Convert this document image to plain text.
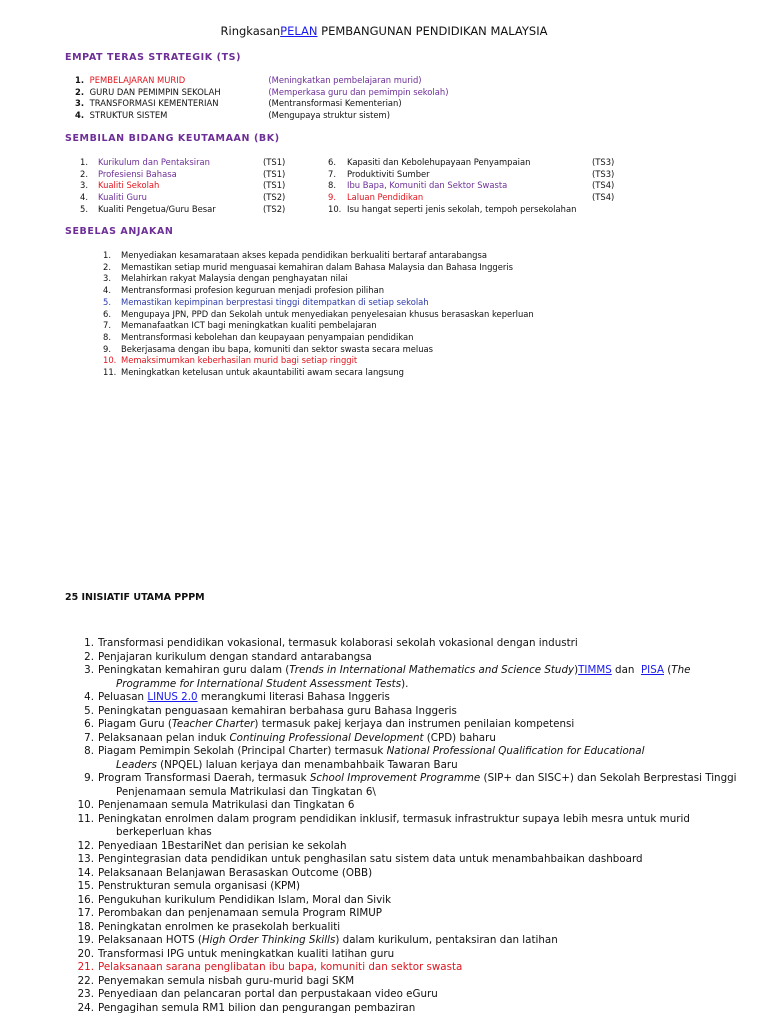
RingkasanPELAN PEMBANGUNAN PENDIDIKAN MALAYSIA
EMPAT TERAS STRATEGIK (TS)
1. PEMBELAJARAN MURID	(Meningkatkan pembelajaran murid)
2. GURU DAN PEMIMPIN SEKOLAH	(Memperkasa guru dan pemimpin sekolah)
3. TRANSFORMASI KEMENTERIAN	(Mentransformasi Kementerian)
4. STRUKTUR SISTEM	(Mengupaya struktur sistem)
SEMBILAN BIDANG KEUTAMAAN (BK)
1. Kurikulum dan Pentaksiran	(TS1)
2. Profesiensi Bahasa	(TS1)
3. Kualiti Sekolah	(TS1)
4. Kualiti Guru	(TS2)
5. Kualiti Pengetua/Guru Besar	(TS2)
6. Kapasiti dan Kebolehupayaan Penyampaian	(TS3)
7. Produktiviti Sumber	(TS3)
8. Ibu Bapa, Komuniti dan Sektor Swasta	(TS4)
9. Laluan Pendidikan	(TS4)
10. Isu hangat seperti jenis sekolah, tempoh persekolahan
SEBELAS ANJAKAN
1. Menyediakan kesamarataan akses kepada pendidikan berkualiti bertaraf antarabangsa
2. Memastikan setiap murid menguasai kemahiran dalam Bahasa Malaysia dan Bahasa Inggeris
3. Melahirkan rakyat Malaysia dengan penghayatan nilai
4. Mentransformasi profesion keguruan menjadi profesion pilihan
5. Memastikan kepimpinan berprestasi tinggi ditempatkan di setiap sekolah
6. Mengupaya JPN, PPD dan Sekolah untuk menyediakan penyelesaian khusus berasaskan keperluan
7. Memanafaatkan ICT bagi meningkatkan kualiti pembelajaran
8. Mentransformasi kebolehan dan keupayaan penyampaian pendidikan
9. Bekerjasama dengan ibu bapa, komuniti dan sektor swasta secara meluas
10. Memaksimumkan keberhasilan murid bagi setiap ringgit
11. Meningkatkan ketelusan untuk akauntabiliti awam secara langsung
25 INISIATIF UTAMA PPPM
1. Transformasi pendidikan vokasional, termasuk kolaborasi sekolah vokasional dengan industri
2. Penjajaran kurikulum dengan standard antarabangsa
3. Peningkatan kemahiran guru dalam (Trends in International Mathematics and Science Study)TIMMS dan  PISA (The
Programme for International Student Assessment Tests).
4. Peluasan LINUS 2.0 merangkumi literasi Bahasa Inggeris
5. Peningkatan penguasaan kemahiran berbahasa guru Bahasa Inggeris
6. Piagam Guru (Teacher Charter) termasuk pakej kerjaya dan instrumen penilaian kompetensi
7. Pelaksanaan pelan induk Continuing Professional Development (CPD) baharu
8. Piagam Pemimpin Sekolah (Principal Charter) termasuk National Professional Qualification for Educational
Leaders (NPQEL) laluan kerjaya dan menambahbaik Tawaran Baru
9. Program Transformasi Daerah, termasuk School Improvement Programme (SIP+ dan SISC+) dan Sekolah Berprestasi Tinggi
Penjenamaan semula Matrikulasi dan Tingkatan 6\
10. Penjenamaan semula Matrikulasi dan Tingkatan 6
11. Peningkatan enrolmen dalam program pendidikan inklusif, termasuk infrastruktur supaya lebih mesra untuk murid
berkeperluan khas
12. Penyediaan 1BestariNet dan perisian ke sekolah
13. Pengintegrasian data pendidikan untuk penghasilan satu sistem data untuk menambahbaikan dashboard
14. Pelaksanaan Belanjawan Berasaskan Outcome (OBB)
15. Penstrukturan semula organisasi (KPM)
16. Pengukuhan kurikulum Pendidikan Islam, Moral dan Sivik
17. Perombakan dan penjenamaan semula Program RIMUP
18. Peningkatan enrolmen ke prasekolah berkualiti
19. Pelaksanaan HOTS (High Order Thinking Skills) dalam kurikulum, pentaksiran dan latihan
20. Transformasi IPG untuk meningkatkan kualiti latihan guru
21. Pelaksanaan sarana penglibatan ibu bapa, komuniti dan sektor swasta
22. Penyemakan semula nisbah guru-murid bagi SKM
23. Penyediaan dan pelancaran portal dan perpustakaan video eGuru
24. Pengagihan semula RM1 bilion dan pengurangan pembaziran
